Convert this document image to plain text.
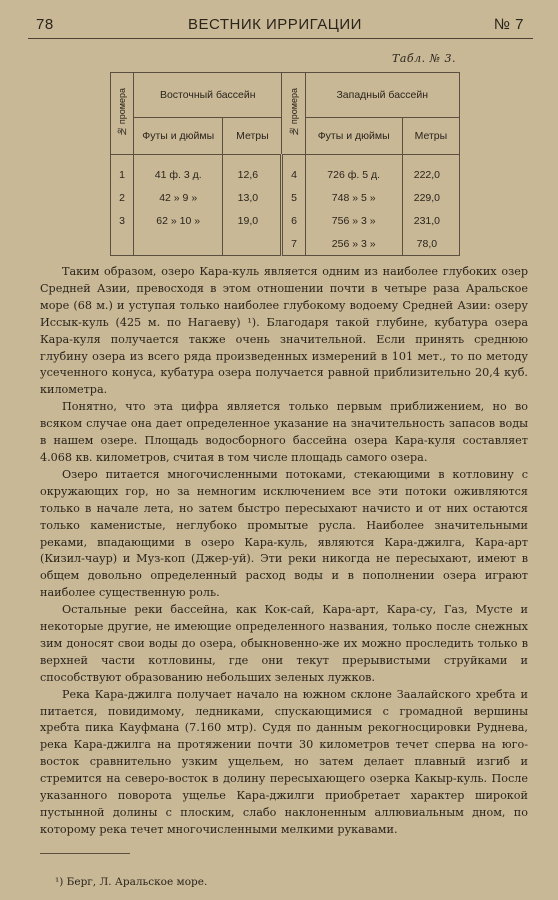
78	ВЕСТНИК ИРРИГАЦИИ	№ 7
Табл. № 3.
№ промера	Восточный бассейн		№ промера	Западный бассейн	
	Футы и дюймы	Метры		Футы и дюймы	Метры
1	41 ф. 3 д.	12,6	4	726 ф. 5 д.	222,0
2	42 » 9 »	13,0	5	748 » 5 »	229,0
3	62 » 10 »	19,0	6	756 » 3 »	231,0
			7	256 » 3 »	78,0

Таким образом, озеро Кара-куль является одним из наиболее глубоких озер Средней Азии, превосходя в этом отношении почти в четыре раза Аральское море (68 м.) и уступая только наиболее глубокому водоему Средней Азии: озеру Иссык-куль (425 м. по Нагаеву) ¹). Благодаря такой глубине, кубатура озера Кара-куля получается также очень значительной. Если принять среднюю глубину озера из всего ряда произведенных измерений в 101 мет., то по методу усеченного конуса, кубатура озера получается равной приблизительно 20,4 куб. километра.

Понятно, что эта цифра является только первым приближением, но во всяком случае она дает определенное указание на значительность запасов воды в нашем озере. Площадь водосборного бассейна озера Кара-куля составляет 4.068 кв. километров, считая в том числе площадь самого озера.

Озеро питается многочисленными потоками, стекающими в котловину с окружающих гор, но за немногим исключением все эти потоки оживляются только в начале лета, но затем быстро пересыхают начисто и от них остаются только каменистые, неглубоко промытые русла. Наиболее значительными реками, впадающими в озеро Кара-куль, являются Кара-джилга, Кара-арт (Кизил-чаур) и Муз-коп (Джер-уй). Эти реки никогда не пересыхают, имеют в общем довольно определенный расход воды и в пополнении озера играют наиболее существенную роль.

Остальные реки бассейна, как Кок-сай, Кара-арт, Кара-су, Газ, Мусте и некоторые другие, не имеющие определенного названия, только после снежных зим доносят свои воды до озера, обыкновенно-же их можно проследить только в верхней части котловины, где они текут прерывистыми струйками и способствуют образованию небольших зеленых лужков.

Река Кара-джилга получает начало на южном склоне Заалайского хребта и питается, повидимому, ледниками, спускающимися с громадной вершины хребта пика Кауфмана (7.160 мтр). Судя по данным рекогносцировки Руднева, река Кара-джилга на протяжении почти 30 километров течет сперва на юго-восток сравнительно узким ущельем, но затем делает плавный изгиб и стремится на северо-восток в долину пересыхающего озерка Какыр-куль. После указанного поворота ущелье Кара-джилги приобретает характер широкой пустынной долины с плоским, слабо наклоненным аллювиальным дном, по которому река течет многочисленными мелкими рукавами.

¹) Берг, Л. Аральское море.
